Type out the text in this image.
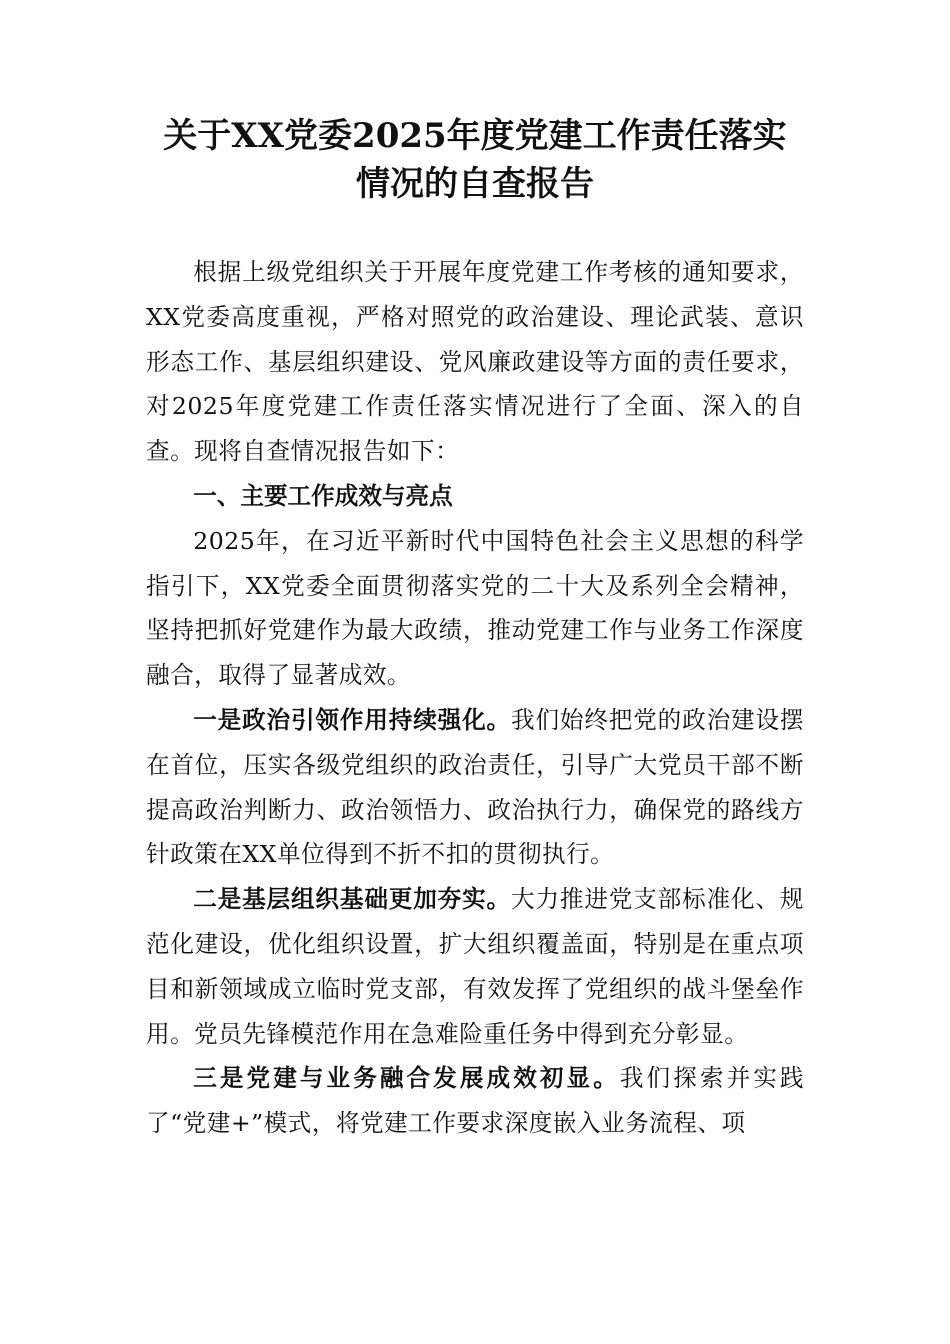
关于XX党委2025年度党建工作责任落实
情况的自查报告

根据上级党组织关于开展年度党建工作考核的通知要求，XX党委高度重视，严格对照党的政治建设、理论武装、意识形态工作、基层组织建设、党风廉政建设等方面的责任要求，对2025年度党建工作责任落实情况进行了全面、深入的自查。现将自查情况报告如下：

一、主要工作成效与亮点

2025年，在习近平新时代中国特色社会主义思想的科学指引下，XX党委全面贯彻落实党的二十大及系列全会精神，坚持把抓好党建作为最大政绩，推动党建工作与业务工作深度融合，取得了显著成效。

一是政治引领作用持续强化。我们始终把党的政治建设摆在首位，压实各级党组织的政治责任，引导广大党员干部不断提高政治判断力、政治领悟力、政治执行力，确保党的路线方针政策在XX单位得到不折不扣的贯彻执行。

二是基层组织基础更加夯实。大力推进党支部标准化、规范化建设，优化组织设置，扩大组织覆盖面，特别是在重点项目和新领域成立临时党支部，有效发挥了党组织的战斗堡垒作用。党员先锋模范作用在急难险重任务中得到充分彰显。

三是党建与业务融合发展成效初显。我们探索并实践了“党建+”模式，将党建工作要求深度嵌入业务流程、项
